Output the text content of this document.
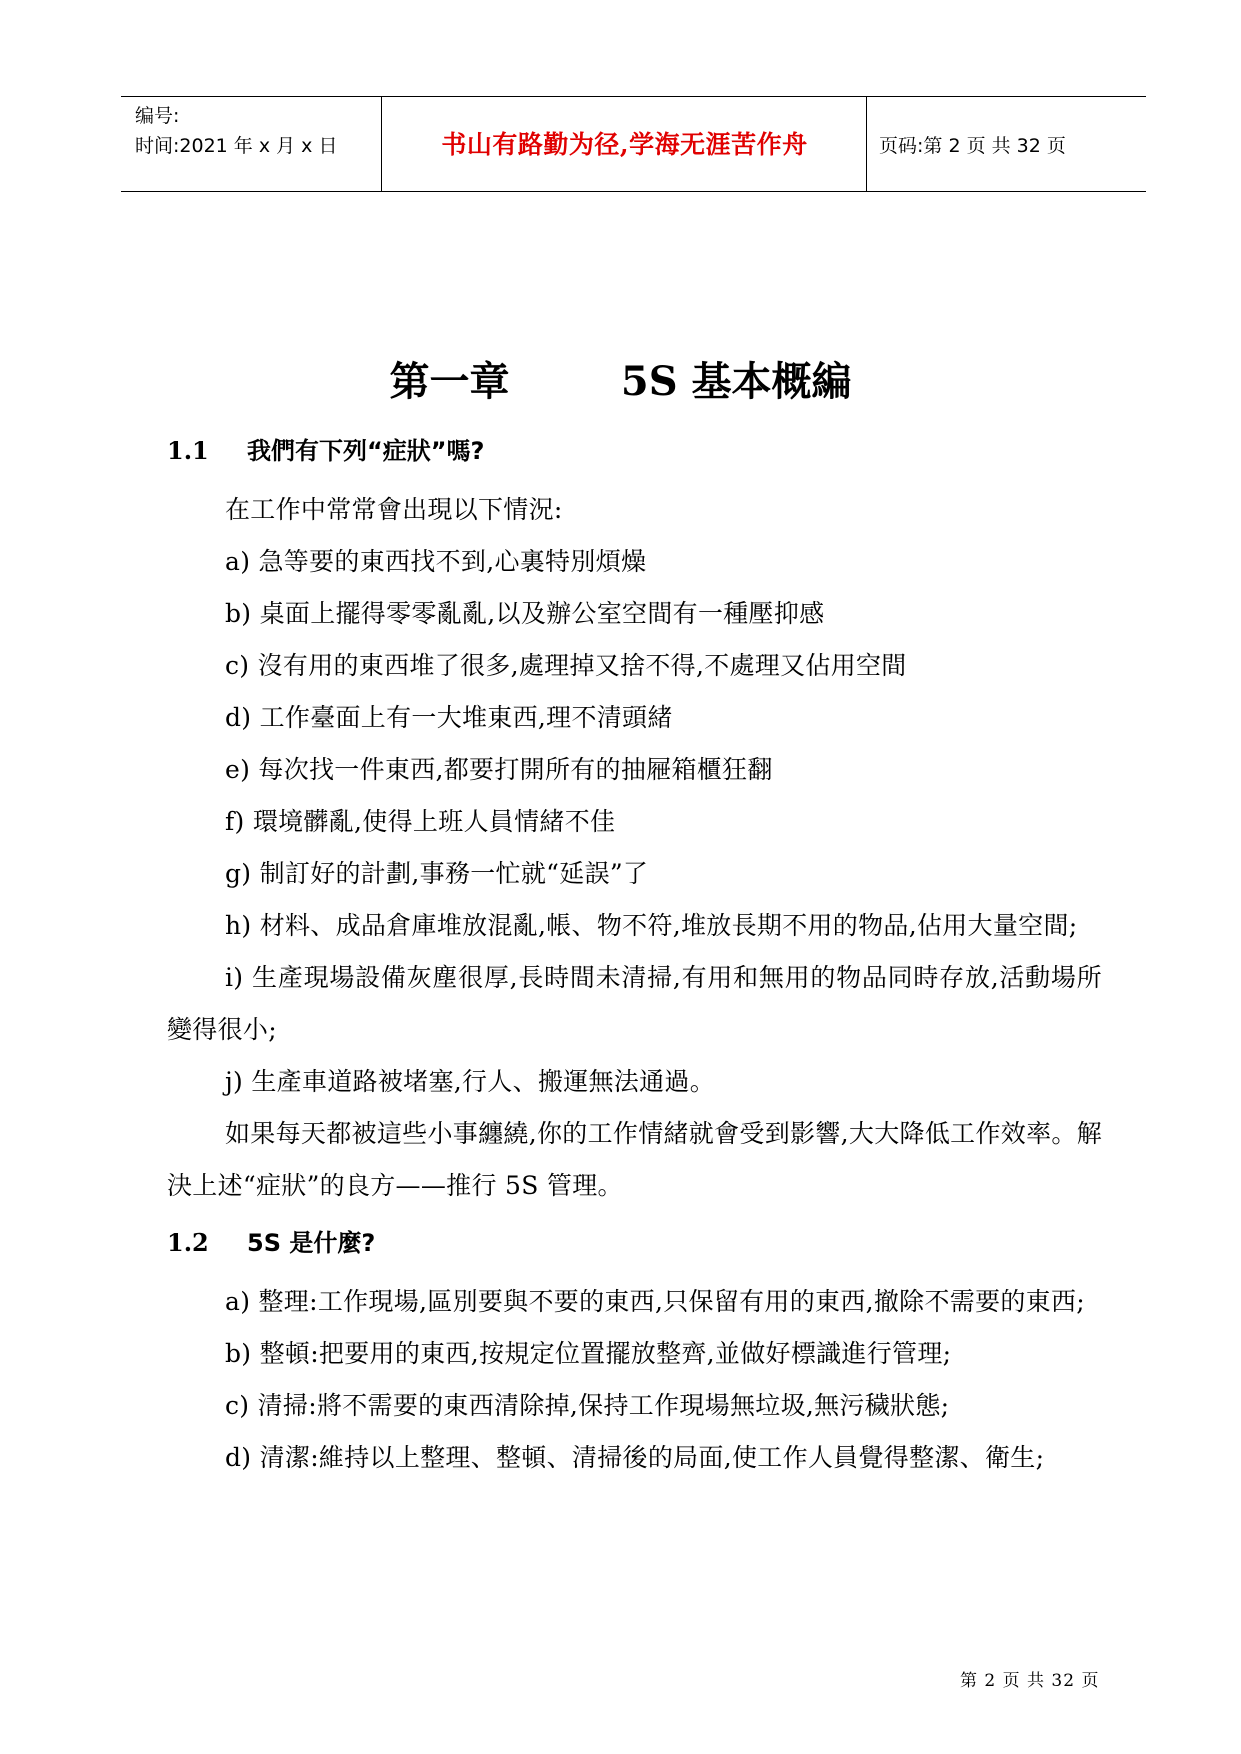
编号:
时间:2021 年 x 月 x 日	书山有路勤为径,学海无涯苦作舟	页码:第 2 页 共 32 页
第一章        5S 基本概編
1.1 我們有下列“症狀”嗎?

在工作中常常會出現以下情況:

a) 急等要的東西找不到,心裏特別煩燥

b) 桌面上擺得零零亂亂,以及辦公室空間有一種壓抑感

c) 沒有用的東西堆了很多,處理掉又捨不得,不處理又佔用空間

d) 工作臺面上有一大堆東西,理不清頭緒

e) 每次找一件東西,都要打開所有的抽屜箱櫃狂翻

f) 環境髒亂,使得上班人員情緒不佳

g) 制訂好的計劃,事務一忙就“延誤”了

h) 材料、成品倉庫堆放混亂,帳、物不符,堆放長期不用的物品,佔用大量空間;

i) 生產現場設備灰塵很厚,長時間未清掃,有用和無用的物品同時存放,活動場所變得很小;

j) 生產車道路被堵塞,行人、搬運無法通過。

如果每天都被這些小事纏繞,你的工作情緒就會受到影響,大大降低工作效率。解決上述“症狀”的良方——推行 5S 管理。

1.2 5S 是什麼?

a) 整理:工作現場,區別要與不要的東西,只保留有用的東西,撤除不需要的東西;

b) 整頓:把要用的東西,按規定位置擺放整齊,並做好標識進行管理;

c) 清掃:將不需要的東西清除掉,保持工作現場無垃圾,無污穢狀態;

d) 清潔:維持以上整理、整頓、清掃後的局面,使工作人員覺得整潔、衛生;

第 2 页 共 32 页
